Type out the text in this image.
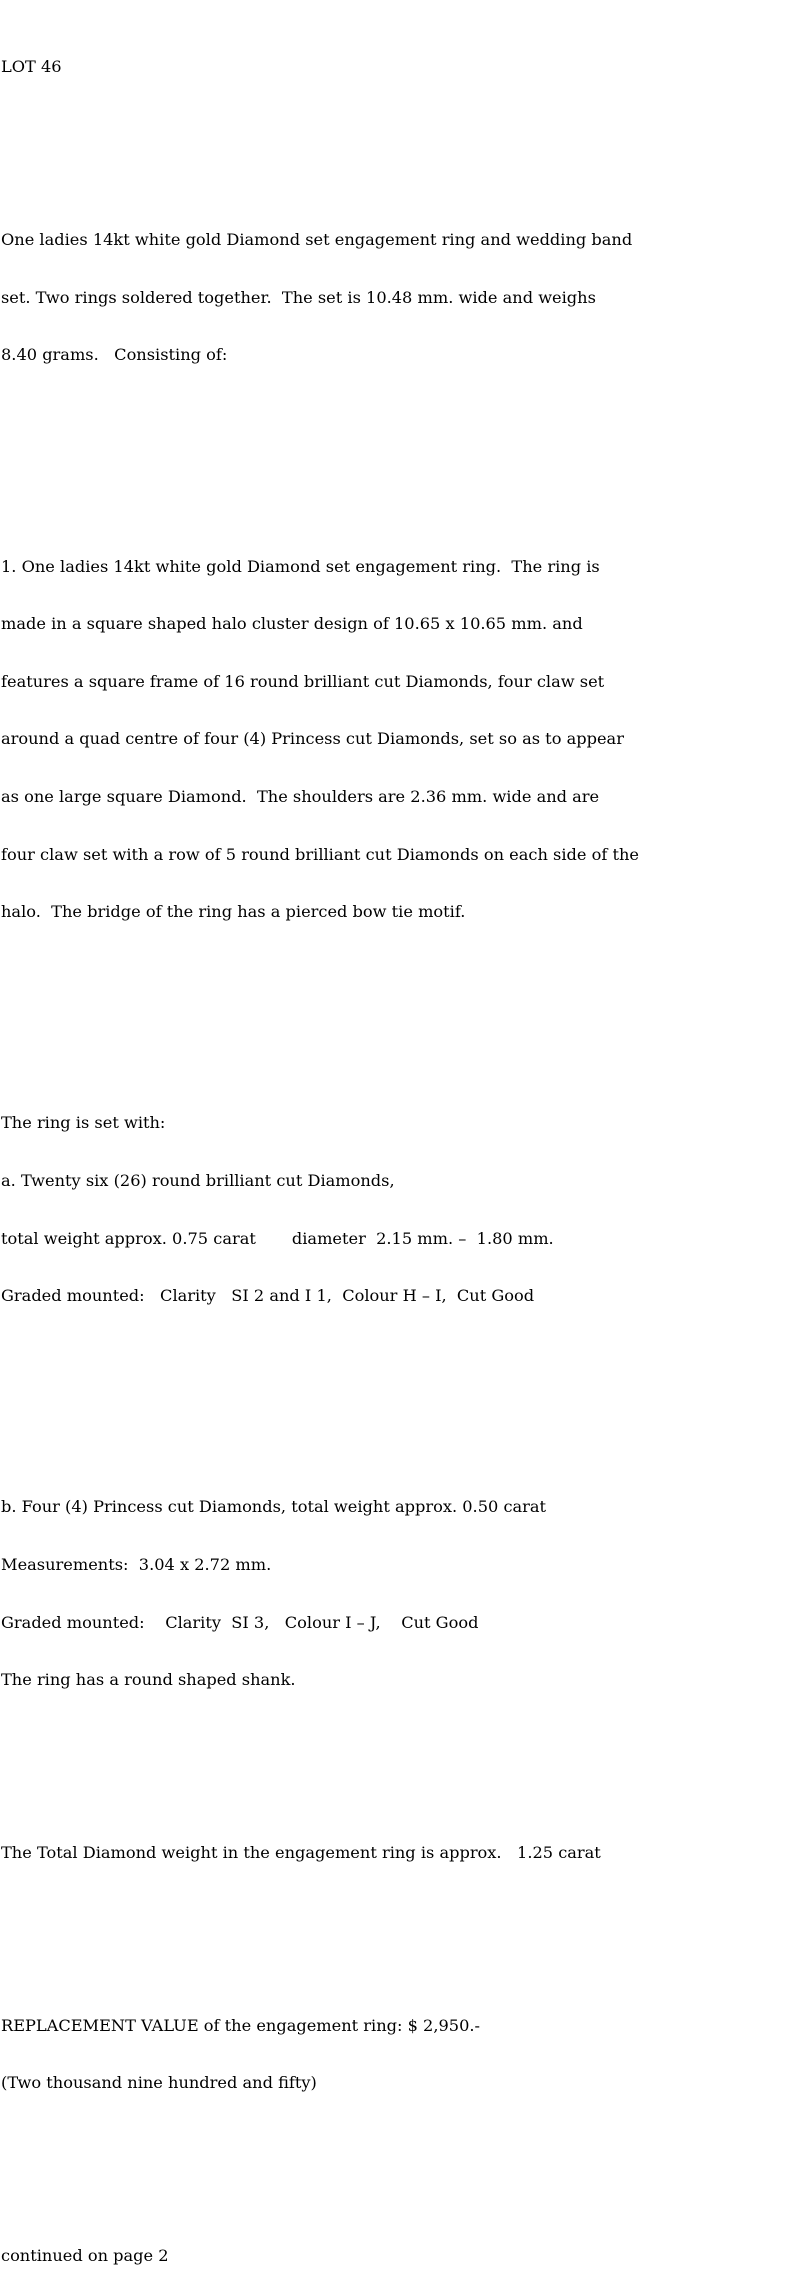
LOT 46

One ladies 14kt white gold Diamond set engagement ring and wedding band

set. Two rings soldered together.  The set is 10.48 mm. wide and weighs

8.40 grams.   Consisting of:

1. One ladies 14kt white gold Diamond set engagement ring.  The ring is

made in a square shaped halo cluster design of 10.65 x 10.65 mm. and

features a square frame of 16 round brilliant cut Diamonds, four claw set

around a quad centre of four (4) Princess cut Diamonds, set so as to appear

as one large square Diamond.  The shoulders are 2.36 mm. wide and are

four claw set with a row of 5 round brilliant cut Diamonds on each side of the

halo.  The bridge of the ring has a pierced bow tie motif.

The ring is set with:

a. Twenty six (26) round brilliant cut Diamonds,

total weight approx. 0.75 carat       diameter  2.15 mm. –  1.80 mm.

Graded mounted:   Clarity   SI 2 and I 1,  Colour H – I,  Cut Good

b. Four (4) Princess cut Diamonds, total weight approx. 0.50 carat

Measurements:  3.04 x 2.72 mm.

Graded mounted:    Clarity  SI 3,   Colour I – J,    Cut Good

The ring has a round shaped shank.

The Total Diamond weight in the engagement ring is approx.   1.25 carat

REPLACEMENT VALUE of the engagement ring: $ 2,950.-

(Two thousand nine hundred and fifty)

continued on page 2
